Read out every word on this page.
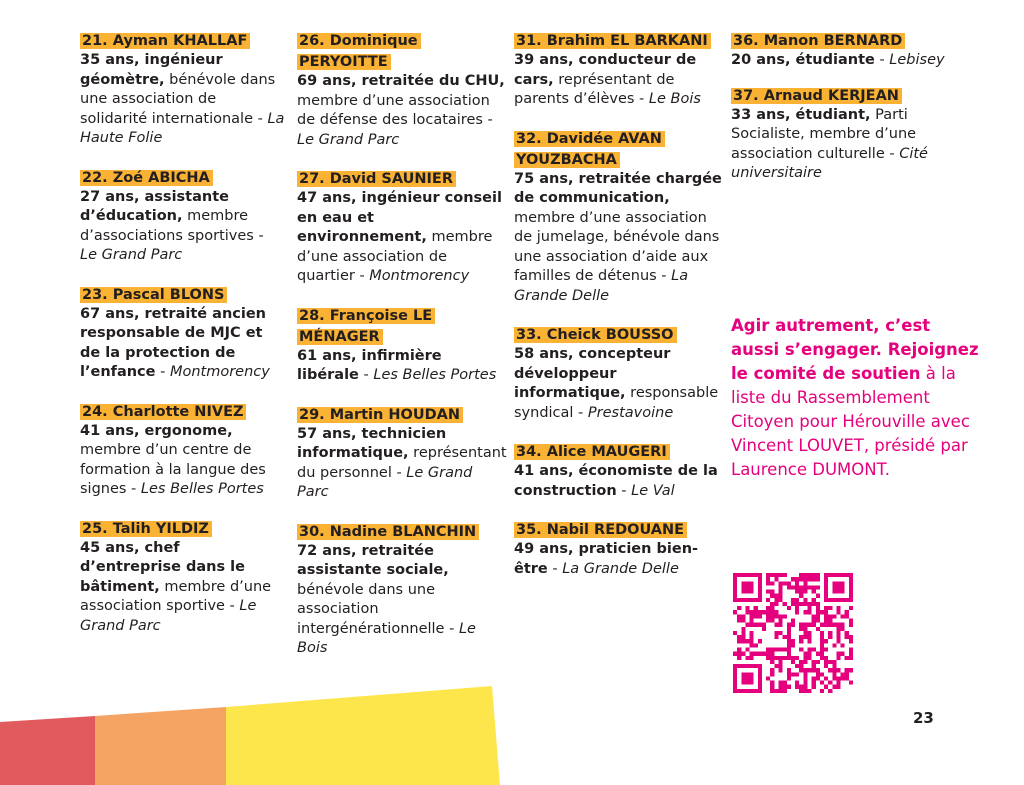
21. Ayman KHALLAF
35 ans, ingénieur géomètre, bénévole dans une association de solidarité internationale - La Haute Folie
22. Zoé ABICHA
27 ans, assistante d’éducation, membre d’associations sportives - Le Grand Parc
23. Pascal BLONS
67 ans, retraité ancien responsable de MJC et de la protection de l’enfance - Montmorency
24. Charlotte NIVEZ
41 ans, ergonome, membre d’un centre de formation à la langue des signes - Les Belles Portes
25. Talih YILDIZ
45 ans, chef d’entreprise dans le bâtiment, membre d’une association sportive - Le Grand Parc
26. Dominique PERYOITTE
69 ans, retraitée du CHU, membre d’une association de défense des locataires - Le Grand Parc
27. David SAUNIER
47 ans, ingénieur conseil en eau et environnement, membre d’une association de quartier - Montmorency
28. Françoise LE MÉNAGER
61 ans, infirmière libérale - Les Belles Portes
29. Martin HOUDAN
57 ans, technicien informatique, représentant du personnel - Le Grand Parc
30. Nadine BLANCHIN
72 ans, retraitée assistante sociale, bénévole dans une association intergénérationnelle - Le Bois
31. Brahim EL BARKANI
39 ans, conducteur de cars, représentant de parents d’élèves - Le Bois
32. Davidée AVAN YOUZBACHA
75 ans, retraitée chargée de communication, membre d’une association de jumelage, bénévole dans une association d’aide aux familles de détenus - La Grande Delle
33. Cheick BOUSSO
58 ans, concepteur développeur informatique, responsable syndical - Prestavoine
34. Alice MAUGERI
41 ans, économiste de la construction - Le Val
35. Nabil REDOUANE
49 ans, praticien bien-être - La Grande Delle
36. Manon BERNARD
20 ans, étudiante - Lebisey
37. Arnaud KERJEAN
33 ans, étudiant, Parti Socialiste, membre d’une association culturelle - Cité universitaire
Agir autrement, c’est aussi s’engager. Rejoignez le comité de soutien à la liste du Rassemblement Citoyen pour Hérouville avec Vincent LOUVET, présidé par Laurence DUMONT.
23
